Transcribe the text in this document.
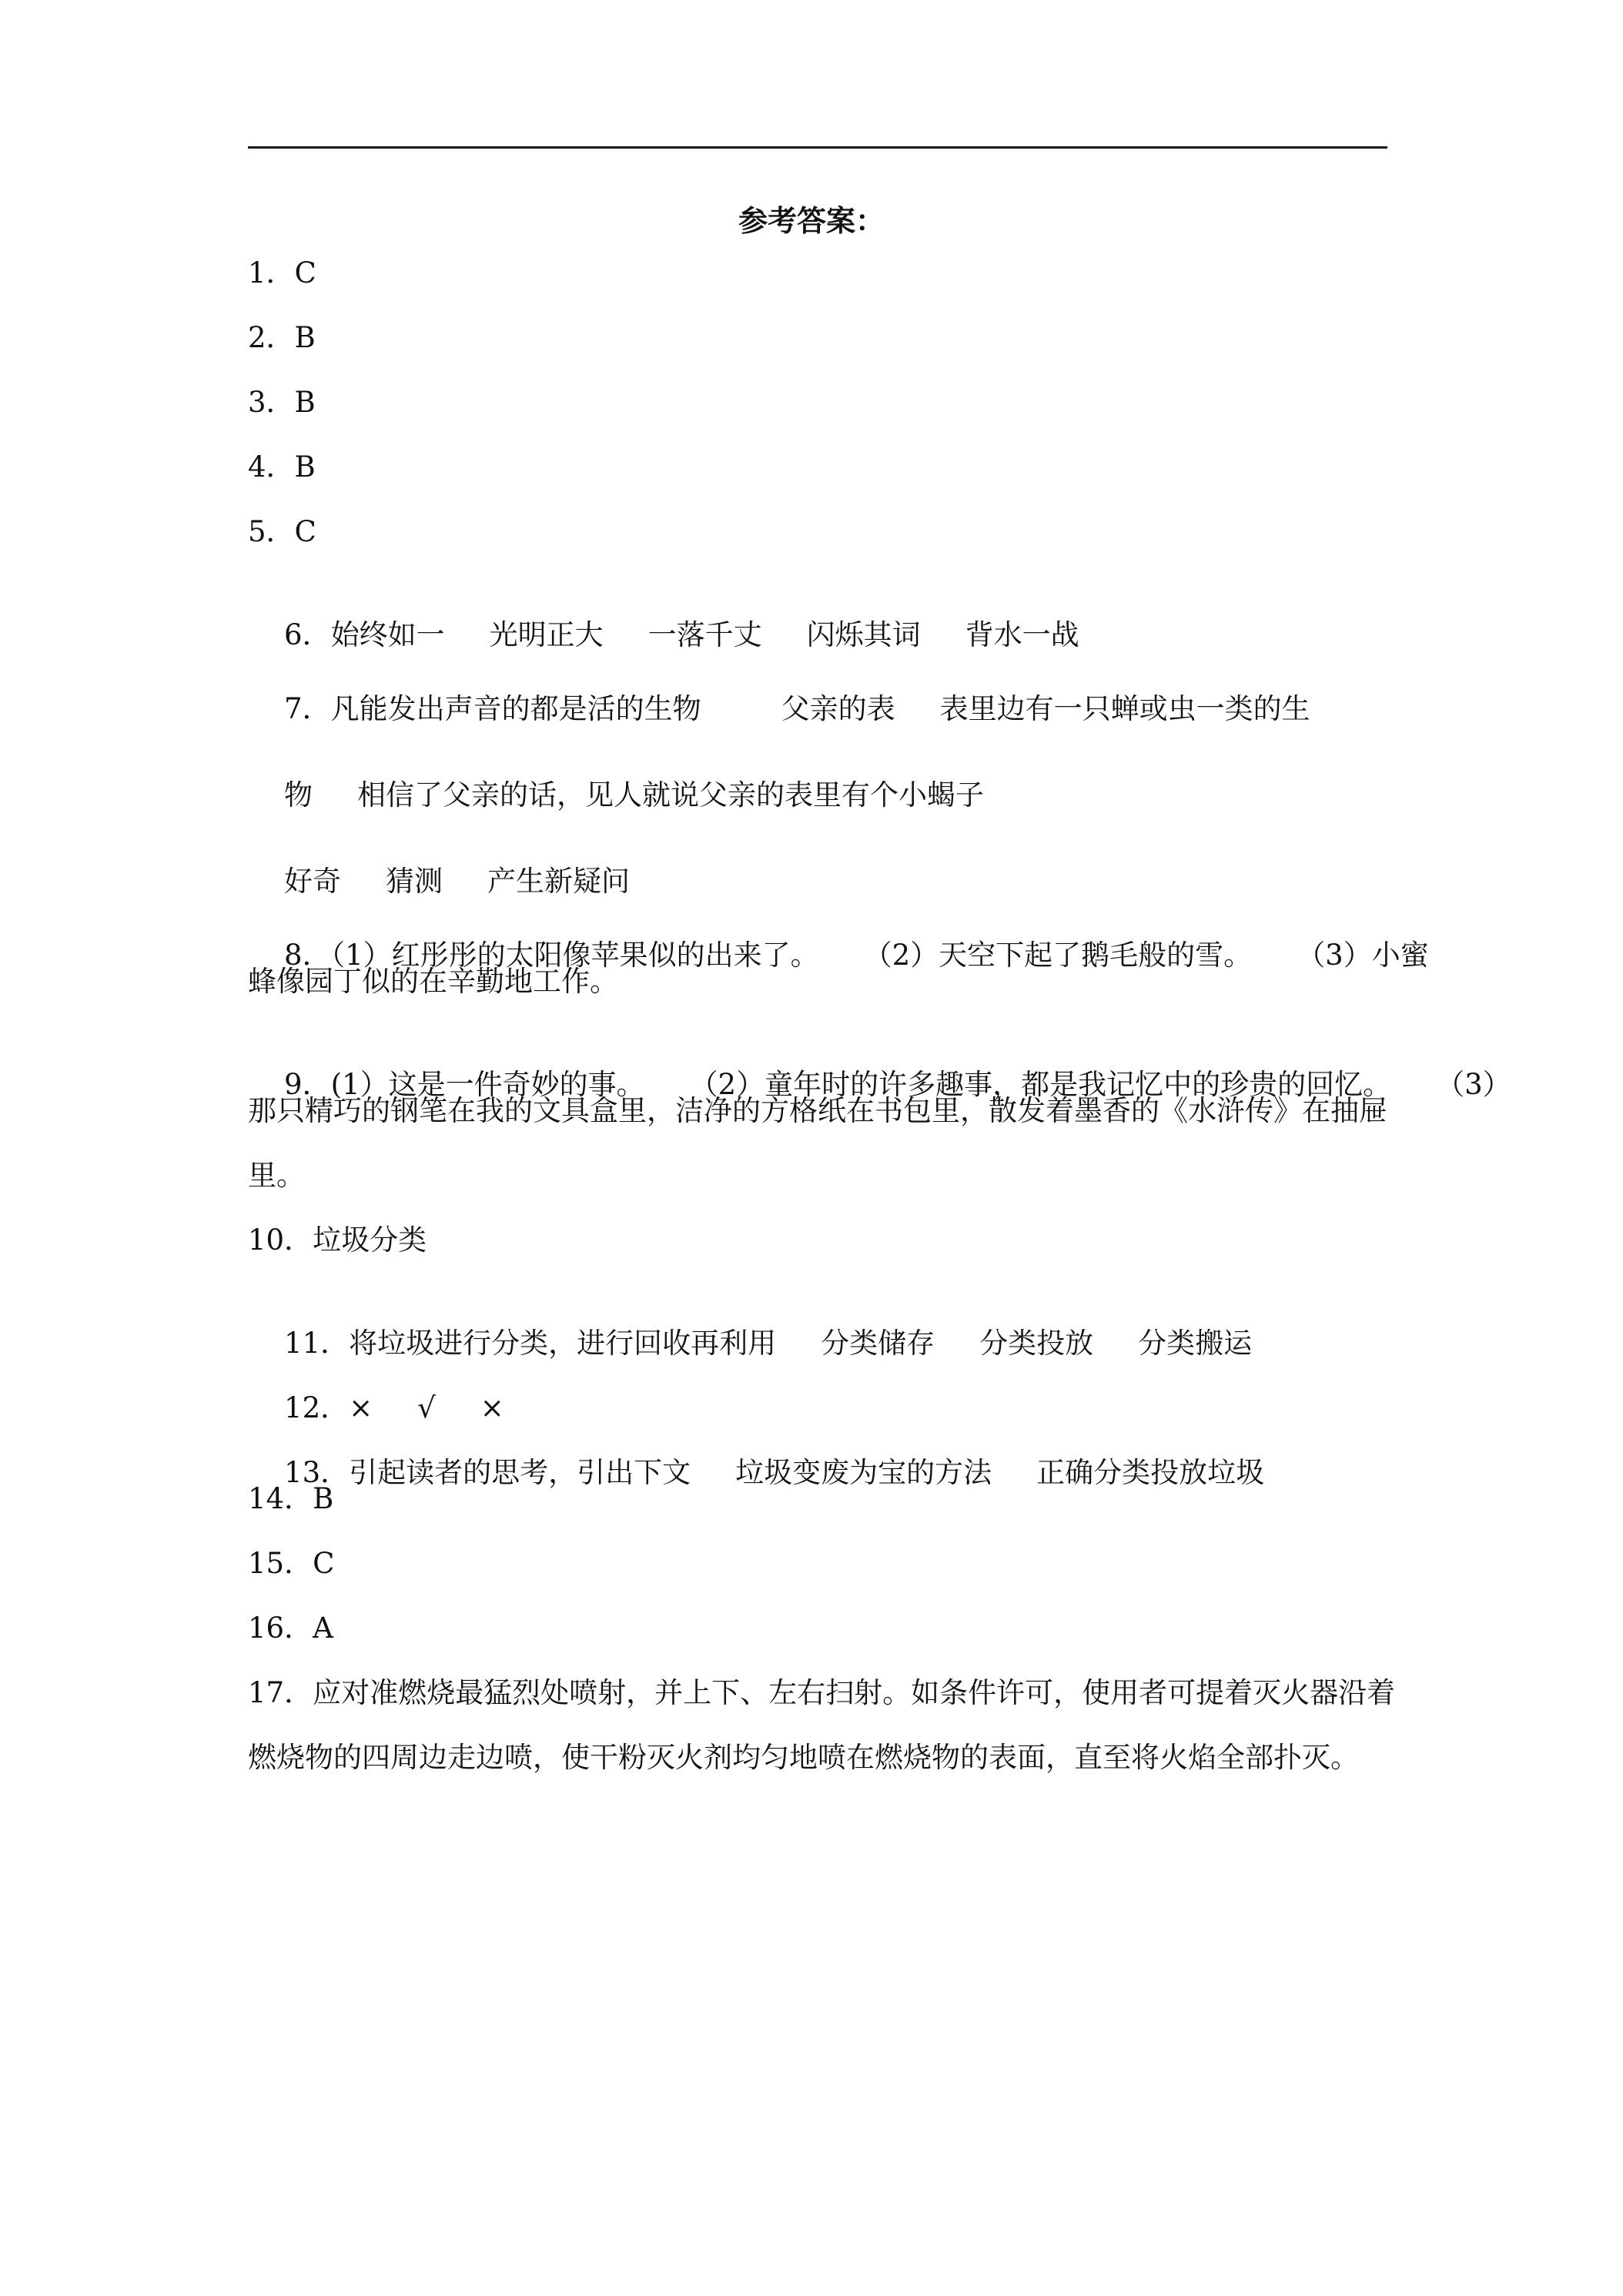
参考答案：
1．C
2．B
3．B
4．B
5．C

6．始终如一 光明正大 一落千丈 闪烁其词 背水一战

7．凡能发出声音的都是活的生物	父亲的表 表里边有一只蝉或虫一类的生

物 相信了父亲的话，见人就说父亲的表里有个小蝎子

好奇 猜测 产生新疑问

8．（1）红彤彤的太阳像苹果似的出来了。 （2）天空下起了鹅毛般的雪。 （3）小蜜

蜂像园丁似的在辛勤地工作。

9．(1）这是一件奇妙的事。 （2）童年时的许多趣事，都是我记忆中的珍贵的回忆。 （3）

那只精巧的钢笔在我的文具盒里，洁净的方格纸在书包里，散发着墨香的《水浒传》在抽屉
里。
10．垃圾分类

11．将垃圾进行分类，进行回收再利用 分类储存 分类投放 分类搬运

12．× √ ×

13．引起读者的思考，引出下文 垃圾变废为宝的方法 正确分类投放垃圾

14．B
15．C
16．A
17．应对准燃烧最猛烈处喷射，并上下、左右扫射。如条件许可，使用者可提着灭火器沿着
燃烧物的四周边走边喷，使干粉灭火剂均匀地喷在燃烧物的表面，直至将火焰全部扑灭。
